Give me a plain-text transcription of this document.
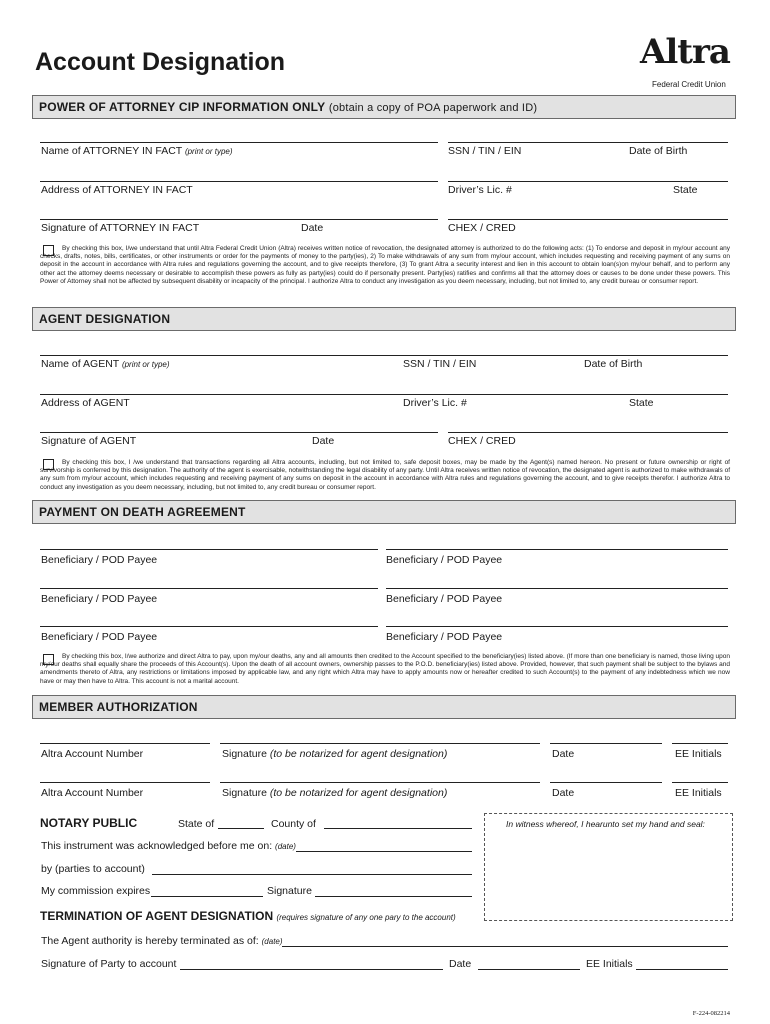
Account Designation	Altra
Federal Credit Union
POWER OF ATTORNEY CIP INFORMATION ONLY (obtain a copy of POA paperwork and ID)
Name of ATTORNEY IN FACT (print or type)	SSN / TIN / EIN	Date of Birth
Address of ATTORNEY IN FACT	Driver’s Lic. #	State
Signature of ATTORNEY IN FACT	Date	CHEX / CRED
By checking this box, I/we understand that until Altra Federal Credit Union (Altra) receives written notice of revocation, the designated attorney is authorized to do the following acts: (1) To endorse and deposit in my/our account any checks, drafts, notes, bills, certificates, or other instruments or order for the payments of money to the party(ies), 2) To make withdrawals of any sum from my/our account, which includes requesting and receiving payment of any sums on deposit in the account in accordance with Altra rules and regulations governing the account, and to give receipts therefore, (3) To grant Altra a security interest and lien in this account to obtain loan(s)on my/our behalf, and to perform any other act the attorney deems necessary or desirable to accomplish these powers as fully as party(ies) could do if personally present. Party(ies) ratifies and confirms all that the attorney does or causes to be done under these powers. This Power of Attorney shall not be affected by subsequent disability or incapacity of the principal. I authorize Altra to conduct any investigation as you deem necessary, including, but not limited to, any credit bureau or consumer report.
AGENT DESIGNATION
Name of AGENT (print or type)	SSN / TIN / EIN	Date of Birth
Address of AGENT	Driver’s Lic. #	State
Signature of AGENT	Date	CHEX / CRED
By checking this box, I /we understand that transactions regarding all Altra accounts, including, but not limited to, safe deposit boxes, may be made by the Agent(s) named hereon. No present or future ownership or right of survivorship is conferred by this designation. The authority of the agent is exercisable, notwithstanding the legal disability of any party. Until Altra receives written notice of revocation, the designated agent is authorized to make withdrawals of any sum from my/our account, which includes requesting and receiving payment of any sums on deposit in the account in accordance with Altra rules and regulations governing the account, and to give receipts therefor. I authorize Altra to conduct any investigation as you deem necessary, including, but not limited to, any credit bureau or consumer report.
PAYMENT ON DEATH AGREEMENT
Beneficiary / POD Payee	Beneficiary / POD Payee
Beneficiary / POD Payee	Beneficiary / POD Payee
Beneficiary / POD Payee	Beneficiary / POD Payee
By checking this box, I/we authorize and direct Altra to pay, upon my/our deaths, any and all amounts then credited to the Account specified to the beneficiary(ies) listed above. (If more than one beneficiary is named, those living upon my/our deaths shall equally share the proceeds of this Account(s). Upon the death of all account owners, ownership passes to the P.O.D. beneficiary(ies) listed above. Provided, however, that such payment shall be subject to the bylaws and amendments thereto of Altra, any restrictions or limitations imposed by applicable law, and any right which Altra may have to apply amounts now or hereafter credited to such Account(s) to the payment of any indebtedness which we now have or may then have to Altra. This account is not a marital account.
MEMBER AUTHORIZATION
Altra Account Number	Signature (to be notarized for agent designation)	Date	EE Initials
Altra Account Number	Signature (to be notarized for agent designation)	Date	EE Initials
NOTARY PUBLIC	State of	County of
This instrument was acknowledged before me on: (date)
by (parties to account)
My commission expires	Signature
In witness whereof, I hearunto set my hand and seal:
TERMINATION OF AGENT DESIGNATION (requires signature of any one pary to the account)
The Agent authority is hereby terminated as of: (date)
Signature of Party to account	Date	EE Initials
F-224-082214
